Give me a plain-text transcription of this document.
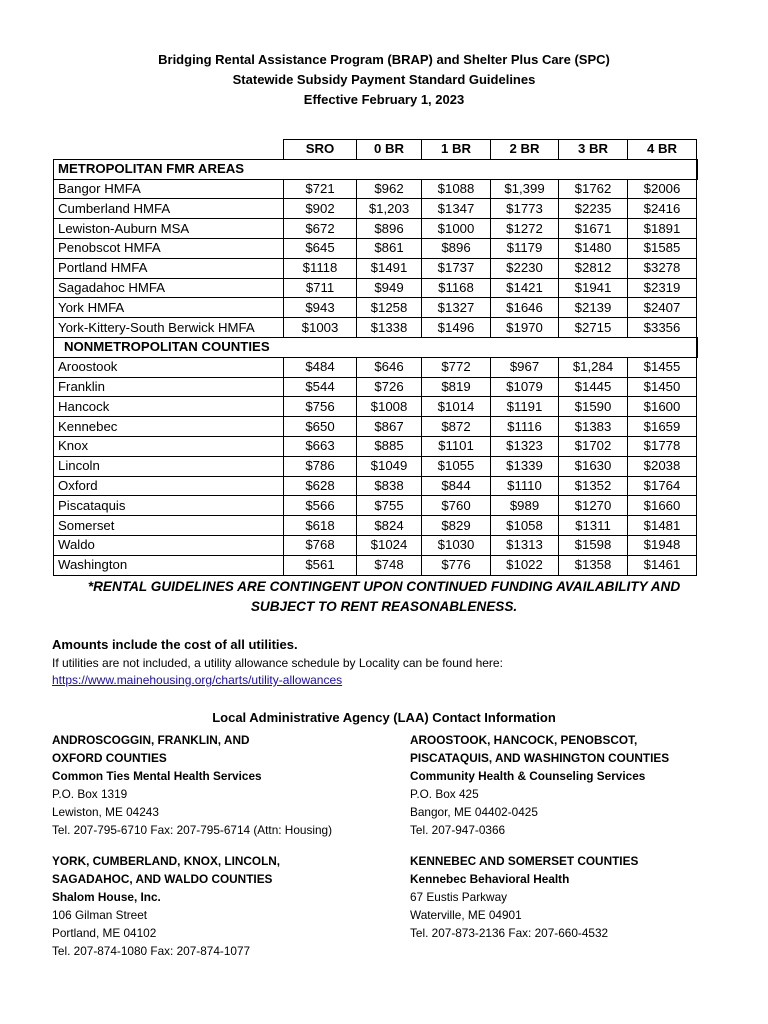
Bridging Rental Assistance Program (BRAP) and Shelter Plus Care (SPC)
Statewide Subsidy Payment Standard Guidelines
Effective February 1, 2023
	SRO	0 BR	1 BR	2 BR	3 BR	4 BR
METROPOLITAN FMR AREAS						
Bangor HMFA	$721	$962	$1088	$1,399	$1762	$2006
Cumberland HMFA	$902	$1,203	$1347	$1773	$2235	$2416
Lewiston-Auburn MSA	$672	$896	$1000	$1272	$1671	$1891
Penobscot HMFA	$645	$861	$896	$1179	$1480	$1585
Portland HMFA	$1118	$1491	$1737	$2230	$2812	$3278
Sagadahoc HMFA	$711	$949	$1168	$1421	$1941	$2319
York HMFA	$943	$1258	$1327	$1646	$2139	$2407
York-Kittery-South Berwick HMFA	$1003	$1338	$1496	$1970	$2715	$3356
NONMETROPOLITAN COUNTIES						
Aroostook	$484	$646	$772	$967	$1,284	$1455
Franklin	$544	$726	$819	$1079	$1445	$1450
Hancock	$756	$1008	$1014	$1191	$1590	$1600
Kennebec	$650	$867	$872	$1116	$1383	$1659
Knox	$663	$885	$1101	$1323	$1702	$1778
Lincoln	$786	$1049	$1055	$1339	$1630	$2038
Oxford	$628	$838	$844	$1110	$1352	$1764
Piscataquis	$566	$755	$760	$989	$1270	$1660
Somerset	$618	$824	$829	$1058	$1311	$1481
Waldo	$768	$1024	$1030	$1313	$1598	$1948
Washington	$561	$748	$776	$1022	$1358	$1461
*RENTAL GUIDELINES ARE CONTINGENT UPON CONTINUED FUNDING AVAILABILITY AND
SUBJECT TO RENT REASONABLENESS.
Amounts include the cost of all utilities.
If utilities are not included, a utility allowance schedule by Locality can be found here:
https://www.mainehousing.org/charts/utility-allowances
Local Administrative Agency (LAA) Contact Information
ANDROSCOGGIN, FRANKLIN, AND
OXFORD COUNTIES
Common Ties Mental Health Services
P.O. Box 1319
Lewiston, ME 04243
Tel. 207-795-6710 Fax: 207-795-6714 (Attn: Housing)
AROOSTOOK, HANCOCK, PENOBSCOT,
PISCATAQUIS, AND WASHINGTON COUNTIES
Community Health & Counseling Services
P.O. Box 425
Bangor, ME 04402-0425
Tel. 207-947-0366
YORK, CUMBERLAND, KNOX, LINCOLN,
SAGADAHOC, AND WALDO COUNTIES
Shalom House, Inc.
106 Gilman Street
Portland, ME 04102
Tel. 207-874-1080 Fax: 207-874-1077
KENNEBEC AND SOMERSET COUNTIES
Kennebec Behavioral Health
67 Eustis Parkway
Waterville, ME 04901
Tel. 207-873-2136 Fax: 207-660-4532
